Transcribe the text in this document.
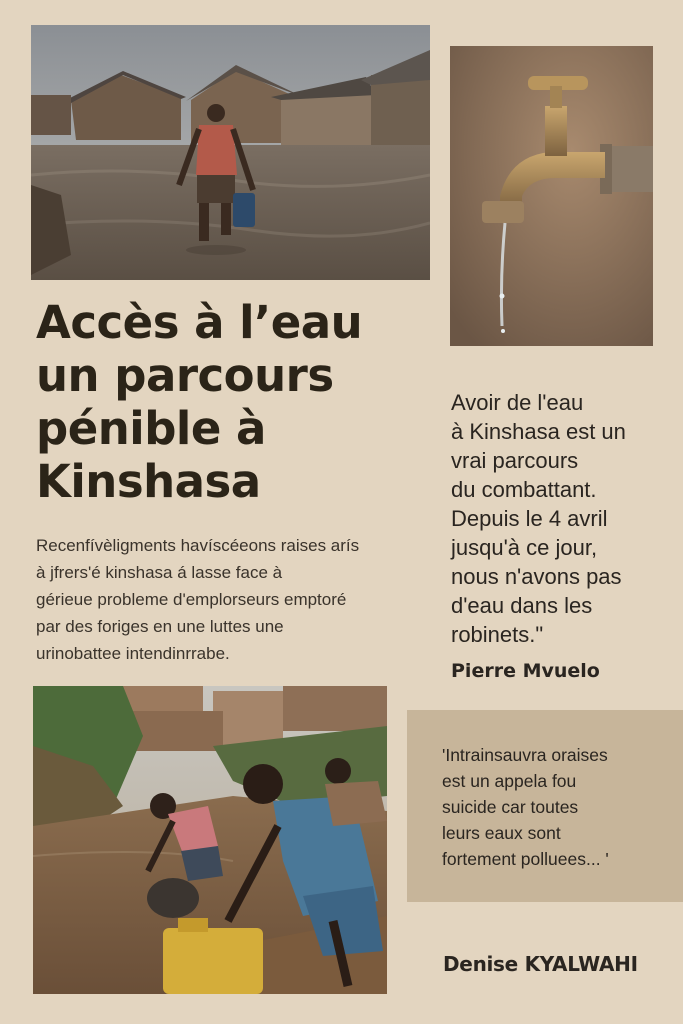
Accès à l’eau
un parcours
pénible à
Kinshasa
Recenfívèligments havíscéeons raises arís
à jfrers'é kinshasa á lasse face à
gérieue probleme d'emplorseurs emptoré
par des foriges en une luttes une
urinobattee intendinrrabe.
Avoir de l'eau
à Kinshasa est un
vrai parcours
du combattant.
Depuis le 4 avril
jusqu'à ce jour,
nous n'avons pas
d'eau dans les
robinets."
Pierre Mvuelo
'Intrainsauvra oraises
est un appela fou
suicide car toutes
leurs eaux sont
fortement polluees... '
Denise KYALWAHI
